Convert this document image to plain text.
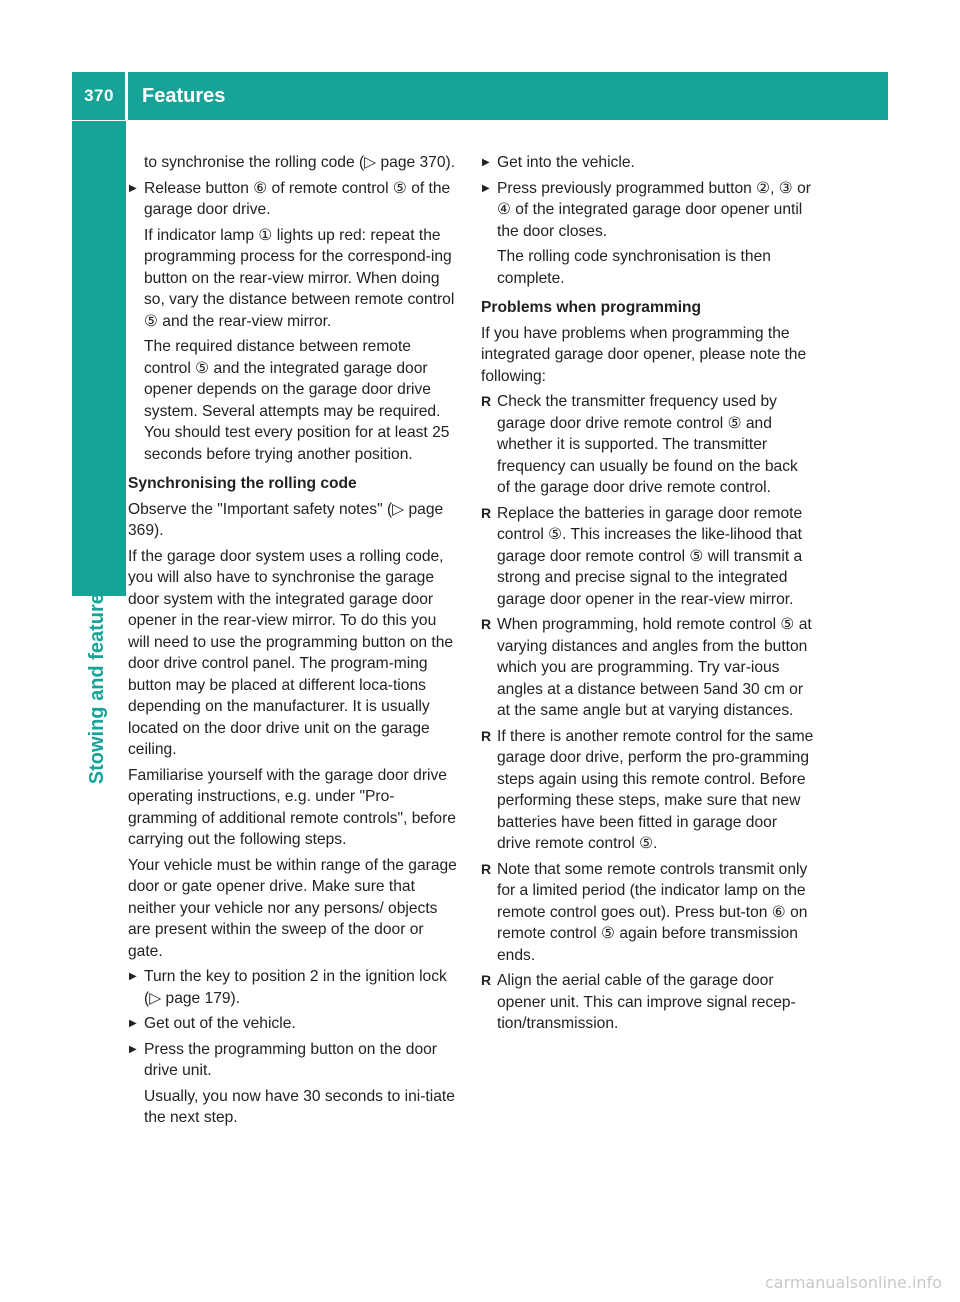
370	Features
Stowing and features
to synchronise the rolling code (▷ page 370).
▶ Release button ⑥ of remote control ⑤ of the garage door drive.
If indicator lamp ① lights up red: repeat the programming process for the correspond-ing button on the rear-view mirror. When doing so, vary the distance between remote control ⑤ and the rear-view mirror.
The required distance between remote control ⑤ and the integrated garage door opener depends on the garage door drive system. Several attempts may be required. You should test every position for at least 25 seconds before trying another position.
Synchronising the rolling code
Observe the "Important safety notes" (▷ page 369).
If the garage door system uses a rolling code, you will also have to synchronise the garage door system with the integrated garage door opener in the rear-view mirror. To do this you will need to use the programming button on the door drive control panel. The program-ming button may be placed at different loca-tions depending on the manufacturer. It is usually located on the door drive unit on the garage ceiling.
Familiarise yourself with the garage door drive operating instructions, e.g. under "Pro-gramming of additional remote controls", before carrying out the following steps.
Your vehicle must be within range of the garage door or gate opener drive. Make sure that neither your vehicle nor any persons/ objects are present within the sweep of the door or gate.
▶ Turn the key to position 2 in the ignition lock (▷ page 179).
▶ Get out of the vehicle.
▶ Press the programming button on the door drive unit.
Usually, you now have 30 seconds to ini-tiate the next step.
▶ Get into the vehicle.
▶ Press previously programmed button ②, ③ or ④ of the integrated garage door opener until the door closes.
The rolling code synchronisation is then complete.
Problems when programming
If you have problems when programming the integrated garage door opener, please note the following:
R Check the transmitter frequency used by garage door drive remote control ⑤ and whether it is supported. The transmitter frequency can usually be found on the back of the garage door drive remote control.
R Replace the batteries in garage door remote control ⑤. This increases the like-lihood that garage door remote control ⑤ will transmit a strong and precise signal to the integrated garage door opener in the rear-view mirror.
R When programming, hold remote control ⑤ at varying distances and angles from the button which you are programming. Try var-ious angles at a distance between 5and 30 cm or at the same angle but at varying distances.
R If there is another remote control for the same garage door drive, perform the pro-gramming steps again using this remote control. Before performing these steps, make sure that new batteries have been fitted in garage door drive remote control ⑤.
R Note that some remote controls transmit only for a limited period (the indicator lamp on the remote control goes out). Press but-ton ⑥ on remote control ⑤ again before transmission ends.
R Align the aerial cable of the garage door opener unit. This can improve signal recep-tion/transmission.
carmanualsonline.info
